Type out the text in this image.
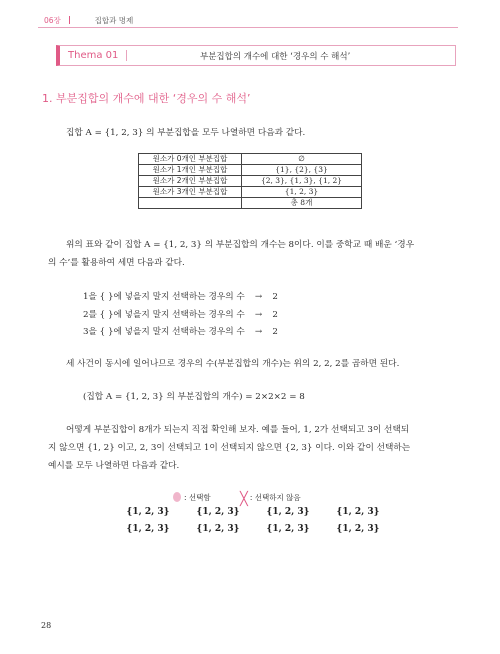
06장	집합과 명제
Thema 01	부분집합의 개수에 대한 ‘경우의 수 해석’
1. 부분집합의 개수에 대한 ‘경우의 수 해석’

집합 A = {1, 2, 3} 의 부분집합을 모두 나열하면 다음과 같다.

원소가 0개인 부분집합	∅
원소가 1개인 부분집합	{1}, {2}, {3}
원소가 2개인 부분집합	{2, 3}, {1, 3}, {1, 2}
원소가 3개인 부분집합	{1, 2, 3}
	총 8개

위의 표와 같이 집합 A = {1, 2, 3} 의 부분집합의 개수는 8이다. 이를 중학교 때 배운 ‘경우

의 수’를 활용하여 세면 다음과 같다.

1을 { }에 넣을지 말지 선택하는 경우의 수 → 2
2를 { }에 넣을지 말지 선택하는 경우의 수 → 2
3을 { }에 넣을지 말지 선택하는 경우의 수 → 2

세 사건이 동시에 일어나므로 경우의 수(부분집합의 개수)는 위의 2, 2, 2를 곱하면 된다.

(집합 A = {1, 2, 3} 의 부분집합의 개수) = 2×2×2 = 8

어떻게 부분집합이 8개가 되는지 직접 확인해 보자. 예를 들어, 1, 2가 선택되고 3이 선택되

지 않으면 {1, 2} 이고, 2, 3이 선택되고 1이 선택되지 않으면 {2, 3} 이다. 이와 같이 선택하는

예시를 모두 나열하면 다음과 같다.

: 선택함 ╳ : 선택하지 않음
{1, 2, 3}	{1, 2, 3}	{1, 2, 3}	{1, 2, 3}
{1, 2, 3}	{1, 2, 3}	{1, 2, 3}	{1, 2, 3}
28
